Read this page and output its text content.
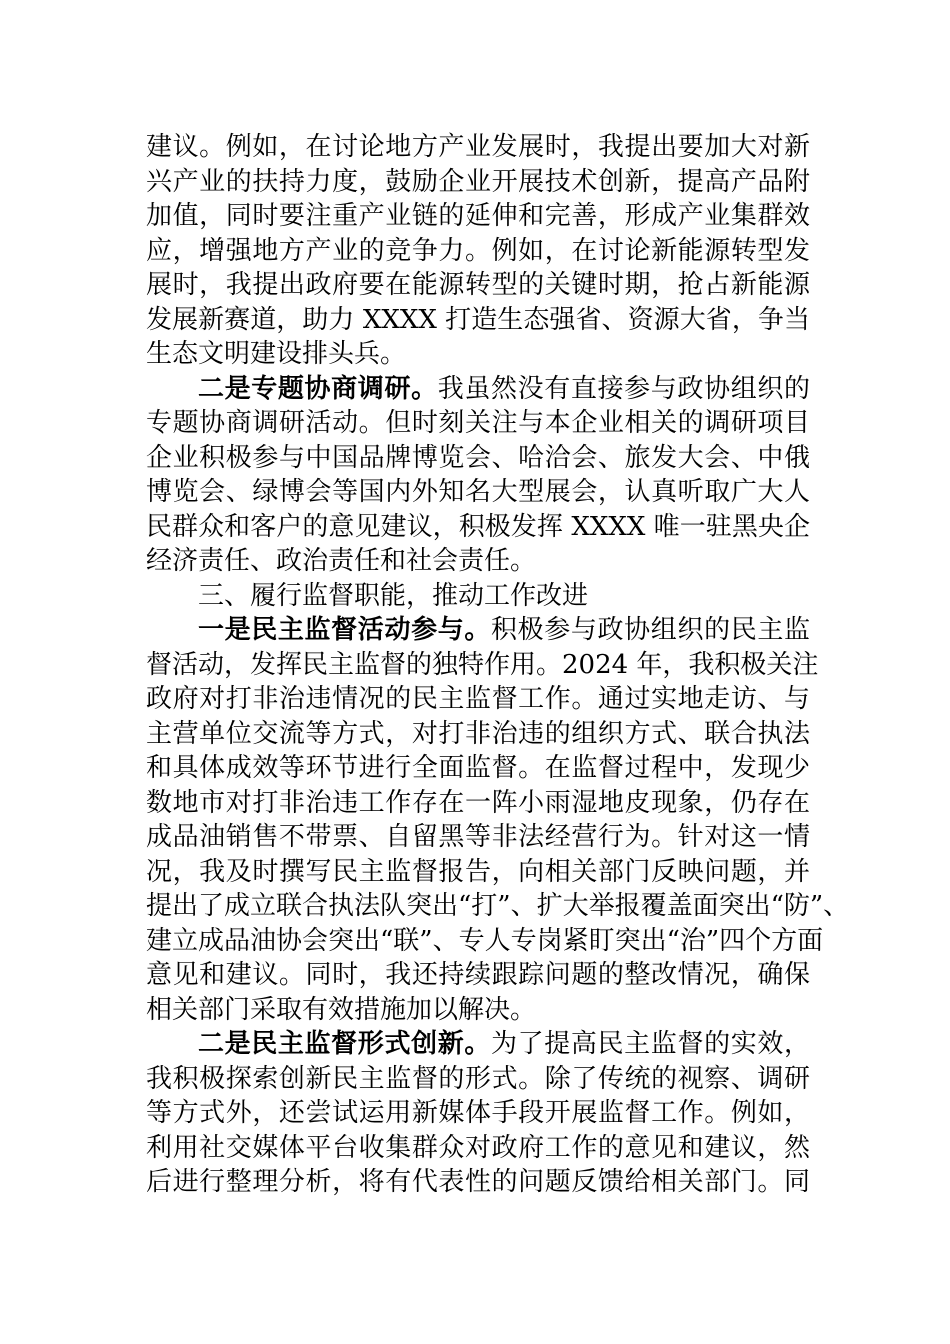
建议。例如，在讨论地方产业发展时，我提出要加大对新
兴产业的扶持力度，鼓励企业开展技术创新，提高产品附
加值，同时要注重产业链的延伸和完善，形成产业集群效
应，增强地方产业的竞争力。例如，在讨论新能源转型发
展时，我提出政府要在能源转型的关键时期，抢占新能源
发展新赛道，助力 XXXX 打造生态强省、资源大省，争当
生态文明建设排头兵。
二是专题协商调研。我虽然没有直接参与政协组织的
专题协商调研活动。但时刻关注与本企业相关的调研项目
企业积极参与中国品牌博览会、哈洽会、旅发大会、中俄
博览会、绿博会等国内外知名大型展会，认真听取广大人
民群众和客户的意见建议，积极发挥 XXXX 唯一驻黑央企
经济责任、政治责任和社会责任。
三、履行监督职能，推动工作改进
一是民主监督活动参与。积极参与政协组织的民主监
督活动，发挥民主监督的独特作用。2024 年，我积极关注
政府对打非治违情况的民主监督工作。通过实地走访、与
主营单位交流等方式，对打非治违的组织方式、联合执法
和具体成效等环节进行全面监督。在监督过程中，发现少
数地市对打非治违工作存在一阵小雨湿地皮现象，仍存在
成品油销售不带票、自留黑等非法经营行为。针对这一情
况，我及时撰写民主监督报告，向相关部门反映问题，并
提出了成立联合执法队突出“打”、扩大举报覆盖面突出“防”、
建立成品油协会突出“联”、专人专岗紧盯突出“治”四个方面
意见和建议。同时，我还持续跟踪问题的整改情况，确保
相关部门采取有效措施加以解决。
二是民主监督形式创新。为了提高民主监督的实效，
我积极探索创新民主监督的形式。除了传统的视察、调研
等方式外，还尝试运用新媒体手段开展监督工作。例如，
利用社交媒体平台收集群众对政府工作的意见和建议，然
后进行整理分析，将有代表性的问题反馈给相关部门。同
